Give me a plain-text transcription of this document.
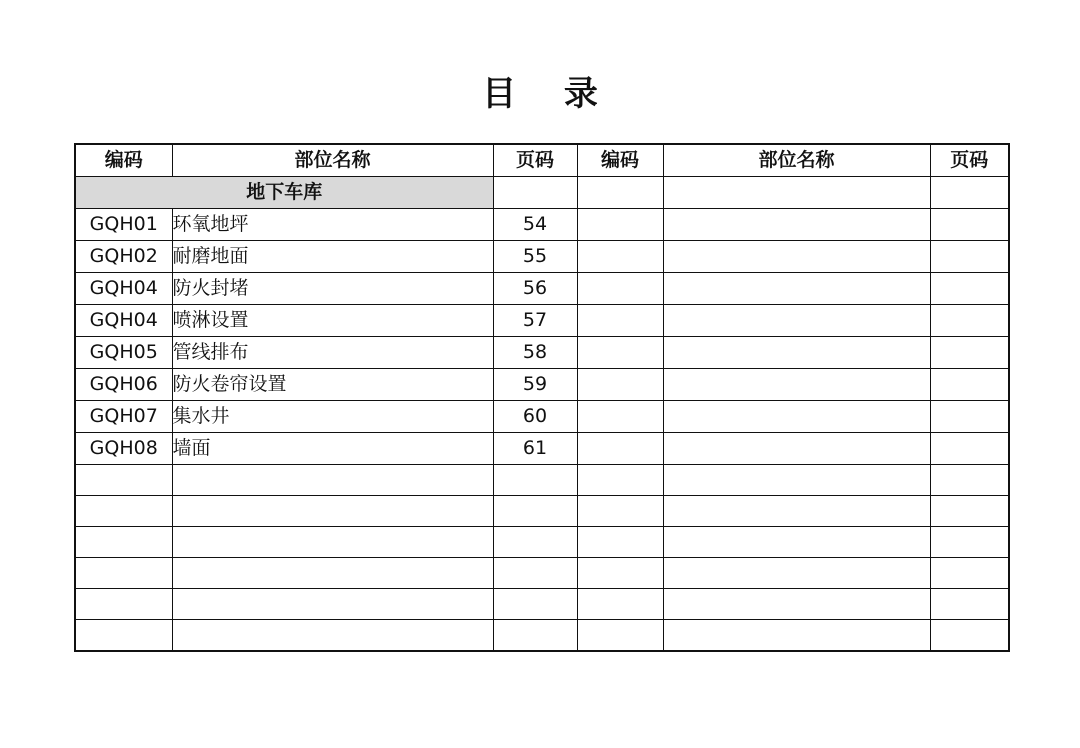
目 录
编码	部位名称	页码	编码	部位名称	页码
地下车库					
GQH01	环氧地坪	54			
GQH02	耐磨地面	55			
GQH04	防火封堵	56			
GQH04	喷淋设置	57			
GQH05	管线排布	58			
GQH06	防火卷帘设置	59			
GQH07	集水井	60			
GQH08	墙面	61			
